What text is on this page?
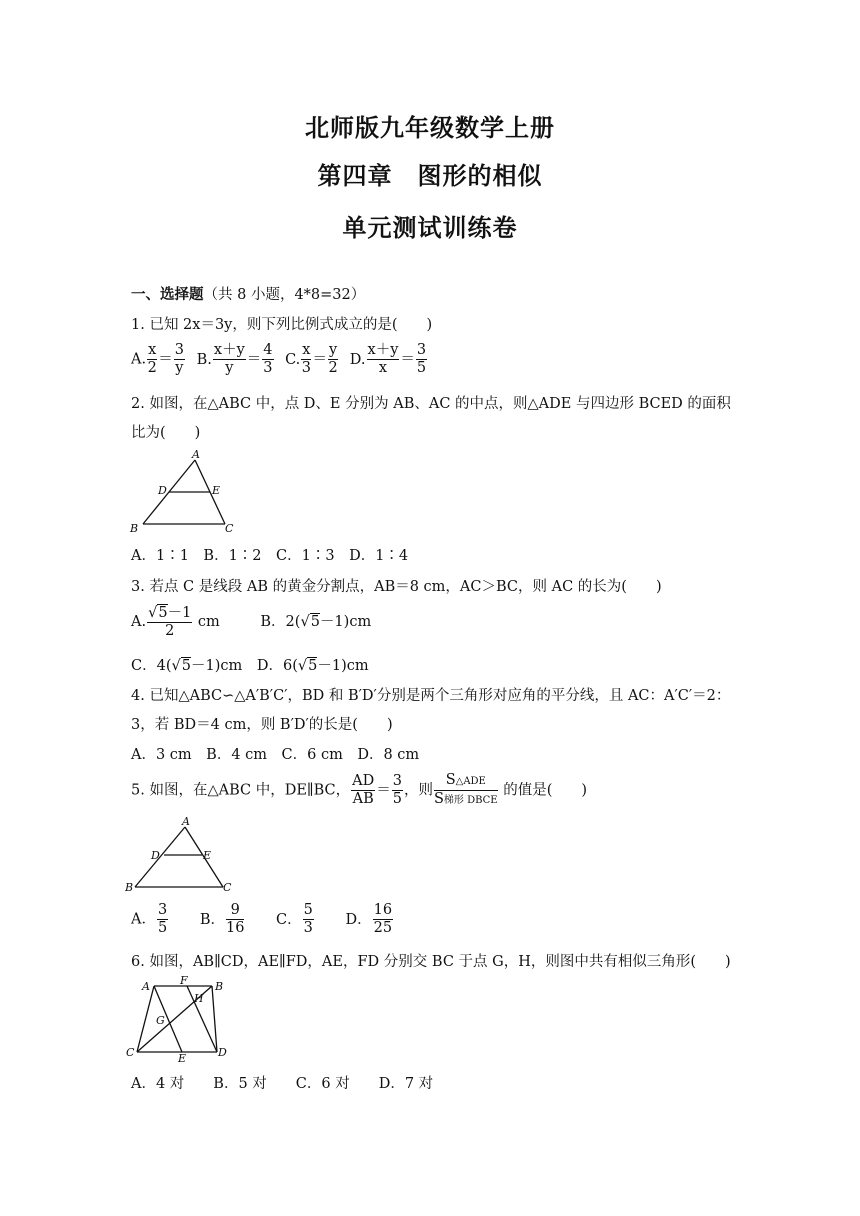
北师版九年级数学上册
第四章　图形的相似
单元测试训练卷
一、选择题（共 8 小题，4*8=32）
1. 已知 2x＝3y，则下列比例式成立的是(　　)
A. $\frac{x}{2} = \frac{3}{y} B$. $\frac{x+y}{y} = \frac{4}{3} C$. $\frac{x}{3} = \frac{y}{2} D$. $\frac{x+y}{x} = \frac{3}{5}$
2. 如图，在△ABC 中，点 D、E 分别为 AB、AC 的中点，则△ADE 与四边形 BCED 的面积
比为(　　)
A
B	C
D	E
A．1∶1　B．1∶2　C．1∶3　D．1∶4
3. 若点 C 是线段 AB 的黄金分割点，AB＝8 cm，AC＞BC，则 AC 的长为(　　)
A. $\frac{√5-1}{2}$ cm	B．2(√5－1)cm
C．4(√5－1)cm D．6(√5－1)cm
4. 已知△ABC∽△A′B′C′，BD 和 B′D′分别是两个三角形对应角的平分线，且 AC：A′C′＝2：
3，若 BD＝4 cm，则 B′D′的长是(　　)
A．3 cm　B．4 cm　C．6 cm　D．8 cm
5. 如图，在△ABC 中，DE∥BC， $\frac{AD}{AB} = \frac{3}{5}$ ，则 $\frac{\text{S△ADE}}{\text{S梯形 DBCE}}$ 的值是(　　)
A
B	C
D	E
A． $\frac{3}{5}$ B． $\frac{9}{16}$ C． $\frac{5}{3}$ D． $\frac{16}{25}$
6. 如图，AB∥CD，AE∥FD，AE，FD 分别交 BC 于点 G，H，则图中共有相似三角形(　　)
A	F B
H
G
C	E	D
A．4 对　　B．5 对　　C．6 对　　D．7 对
